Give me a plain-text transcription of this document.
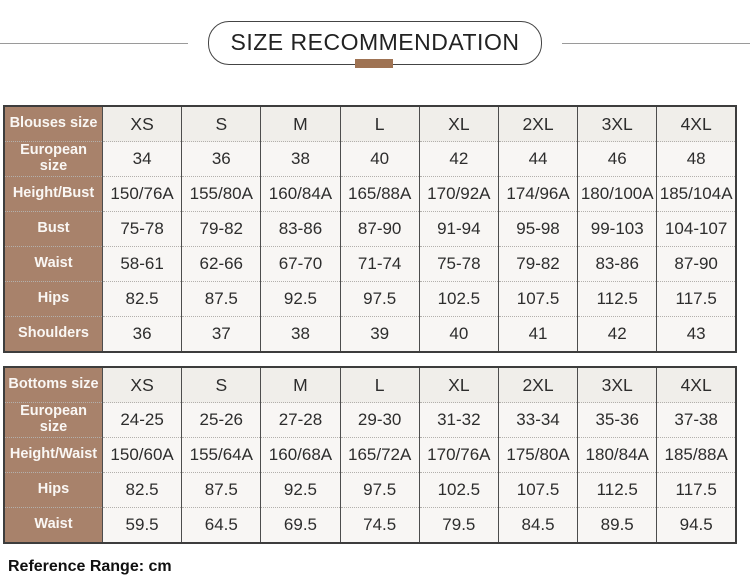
SIZE RECOMMENDATION
Blouses size	XS	S	M	L	XL	2XL	3XL	4XL
European size	34	36	38	40	42	44	46	48
Height/Bust	150/76A	155/80A	160/84A	165/88A	170/92A	174/96A	180/100A	185/104A
Bust	75-78	79-82	83-86	87-90	91-94	95-98	99-103	104-107
Waist	58-61	62-66	67-70	71-74	75-78	79-82	83-86	87-90
Hips	82.5	87.5	92.5	97.5	102.5	107.5	112.5	117.5
Shoulders	36	37	38	39	40	41	42	43
Bottoms size	XS	S	M	L	XL	2XL	3XL	4XL
European size	24-25	25-26	27-28	29-30	31-32	33-34	35-36	37-38
Height/Waist	150/60A	155/64A	160/68A	165/72A	170/76A	175/80A	180/84A	185/88A
Hips	82.5	87.5	92.5	97.5	102.5	107.5	112.5	117.5
Waist	59.5	64.5	69.5	74.5	79.5	84.5	89.5	94.5
Reference Range: cm
